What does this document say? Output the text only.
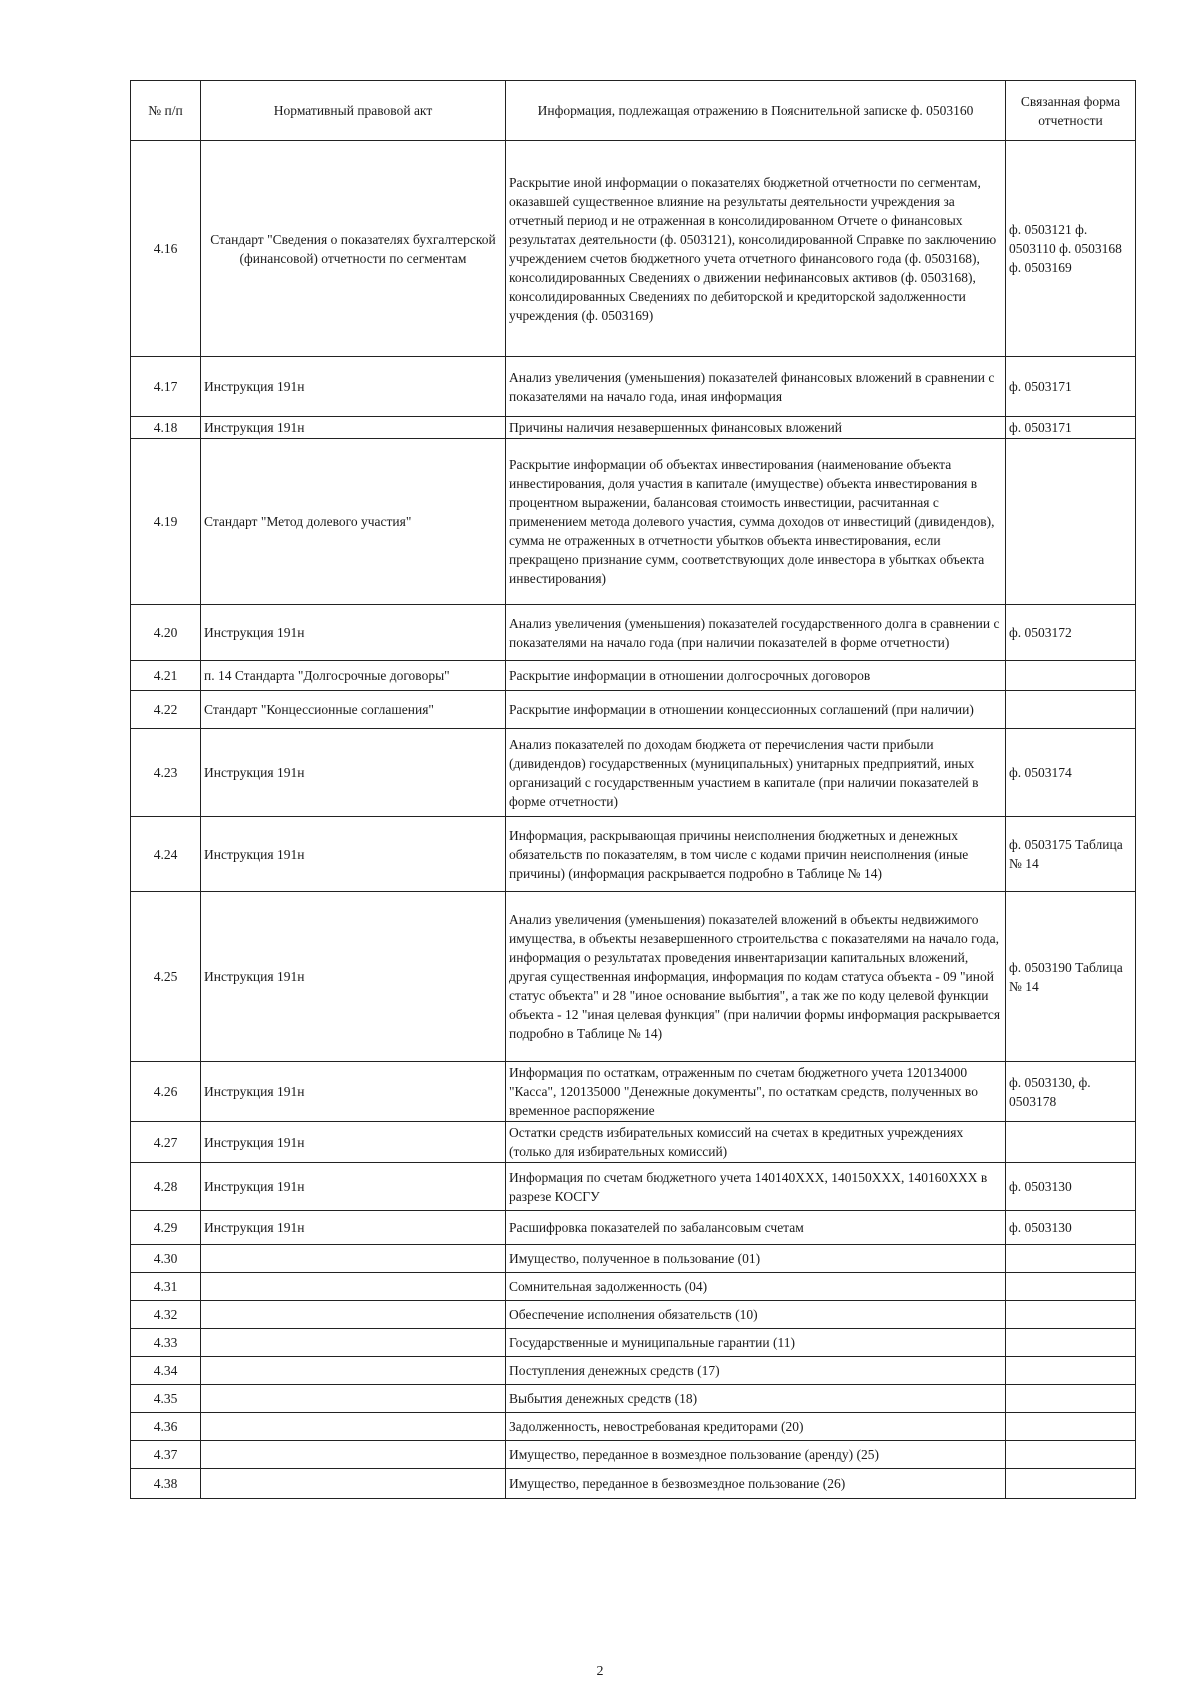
№ п/п	Нормативный правовой акт	Информация, подлежащая отражению в Пояснительной записке ф. 0503160	Связанная форма отчетности
4.16	Стандарт "Сведения о показателях бухгалтерской (финансовой) отчетности по сегментам	Раскрытие иной информации о показателях бюджетной отчетности по сегментам, оказавшей существенное влияние на результаты деятельности учреждения за отчетный период и не отраженная в консолидированном Отчете о финансовых результатах деятельности (ф. 0503121), консолидированной Справке по заключению учреждением счетов бюджетного учета отчетного финансового года (ф. 0503168), консолидированных Сведениях о движении нефинансовых активов (ф. 0503168), консолидированных Сведениях по дебиторской и кредиторской задолженности учреждения (ф. 0503169)	ф. 0503121 ф. 0503110 ф. 0503168 ф. 0503169
4.17	Инструкция 191н	Анализ увеличения (уменьшения) показателей финансовых вложений в сравнении с показателями на начало года, иная информация	ф. 0503171
4.18	Инструкция 191н	Причины наличия незавершенных финансовых вложений	ф. 0503171
4.19	Стандарт "Метод долевого участия"	Раскрытие информации об объектах инвестирования (наименование объекта инвестирования, доля участия в капитале (имуществе) объекта инвестирования в процентном выражении, балансовая стоимость инвестиции, расчитанная с применением метода долевого участия, сумма доходов от инвестиций (дивидендов), сумма не отраженных в отчетности убытков объекта инвестирования, если прекращено признание сумм, соответствующих доле инвестора в убытках объекта инвестирования)	
4.20	Инструкция 191н	Анализ увеличения (уменьшения) показателей государственного долга в сравнении с показателями на начало года (при наличии показателей в форме отчетности)	ф. 0503172
4.21	п. 14 Стандарта "Долгосрочные договоры"	Раскрытие информации в отношении долгосрочных договоров	
4.22	Стандарт "Концессионные соглашения"	Раскрытие информации в отношении концессионных соглашений (при наличии)	
4.23	Инструкция 191н	Анализ показателей по доходам бюджета от перечисления части прибыли (дивидендов) государственных (муниципальных) унитарных предприятий, иных организаций с государственным участием в капитале (при наличии показателей в форме отчетности)	ф. 0503174
4.24	Инструкция 191н	Информация, раскрывающая причины неисполнения бюджетных и денежных обязательств по показателям, в том числе с кодами причин неисполнения (иные причины) (информация раскрывается подробно в Таблице № 14)	ф. 0503175 Таблица № 14
4.25	Инструкция 191н	Анализ увеличения (уменьшения) показателей вложений в объекты недвижимого имущества, в объекты незавершенного строительства с показателями на начало года, информация о результатах проведения инвентаризации капитальных вложений, другая существенная информация, информация по кодам статуса объекта - 09 "иной статус объекта" и 28 "иное основание выбытия", а так же по коду целевой функции объекта - 12 "иная целевая функция" (при наличии формы информация раскрывается подробно в Таблице № 14)	ф. 0503190 Таблица № 14
4.26	Инструкция 191н	Информация по остаткам, отраженным по счетам бюджетного учета 120134000 "Касса", 120135000 "Денежные документы", по остаткам средств, полученных во временное распоряжение	ф. 0503130, ф. 0503178
4.27	Инструкция 191н	Остатки средств избирательных комиссий на счетах в кредитных учреждениях (только для избирательных комиссий)	
4.28	Инструкция 191н	Информация по счетам бюджетного учета 140140XXX, 140150XXX, 140160XXX в разрезе КОСГУ	ф. 0503130
4.29	Инструкция 191н	Расшифровка показателей по забалансовым счетам	ф. 0503130
4.30		Имущество, полученное в пользование (01)	
4.31		Сомнительная задолженность (04)	
4.32		Обеспечение исполнения обязательств (10)	
4.33		Государственные и муниципальные гарантии (11)	
4.34		Поступления денежных средств (17)	
4.35		Выбытия денежных средств (18)	
4.36		Задолженность, невостребованая кредиторами (20)	
4.37		Имущество, переданное в возмездное пользование (аренду) (25)	
4.38		Имущество, переданное в безвозмездное пользование (26)	
2
